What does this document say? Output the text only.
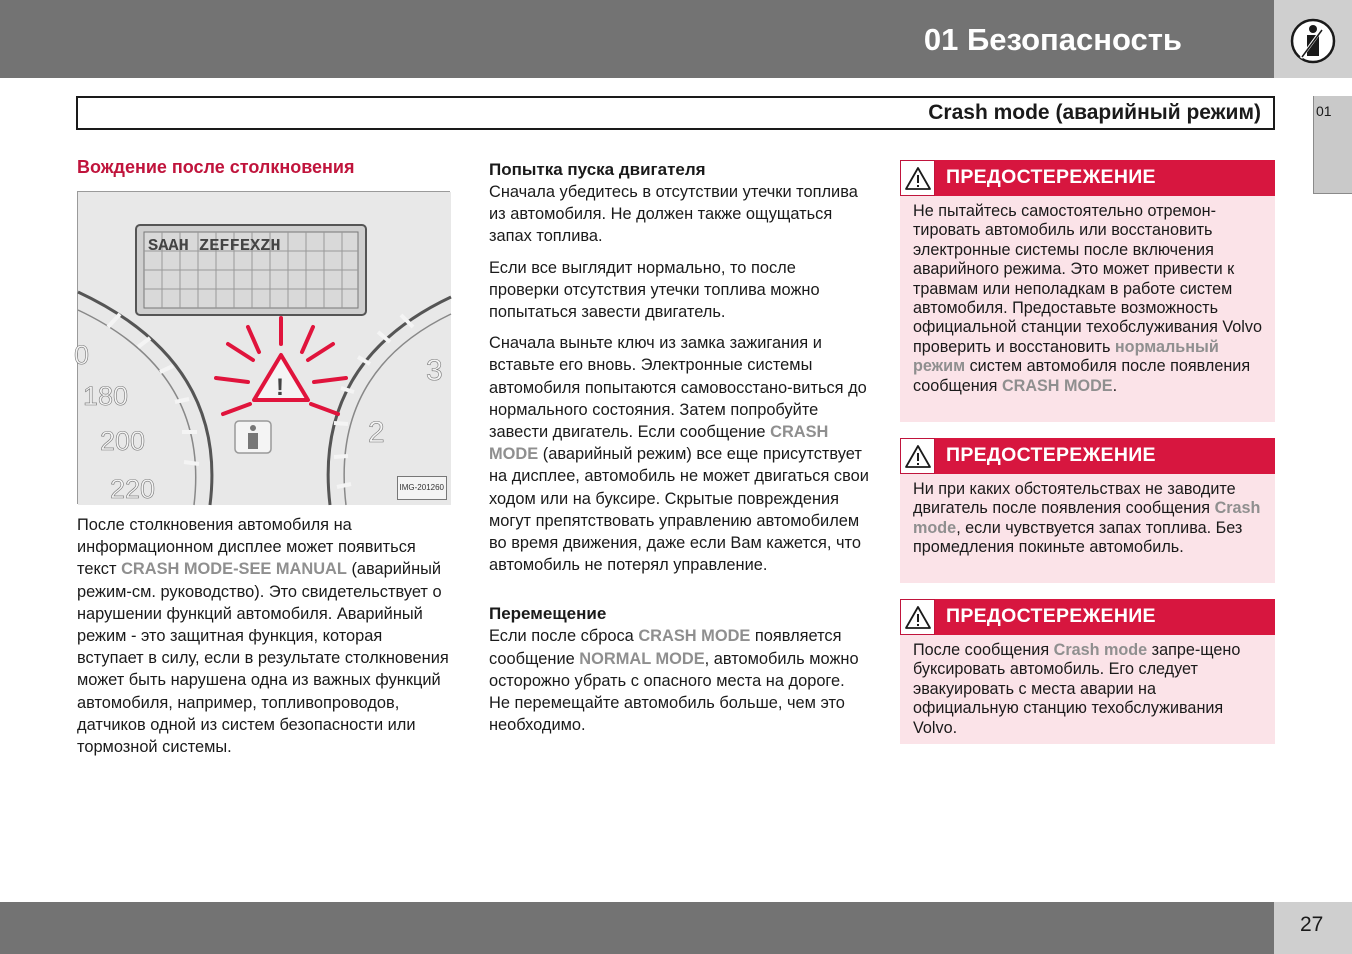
01 Безопасность
Crash mode (аварийный режим)	01
Вождение после столкновения
SAAH ZEFFEXZH
0
180
200
220
3
2
!
IMG-201260

После столкновения автомобиля на информационном дисплее может появиться текст CRASH MODE-SEE MANUAL (аварийный режим-см. руководство). Это свидетельствует о нарушении функций автомобиля. Аварийный режим - это защитная функция, которая вступает в силу, если в результате столкновения может быть нарушена одна из важных функций автомобиля, например, топливопроводов, датчиков одной из систем безопасности или тормозной системы.

Попытка пуска двигателя

Сначала убедитесь в отсутствии утечки топлива из автомобиля. Не должен также ощущаться запах топлива.

Если все выглядит нормально, то после проверки отсутствия утечки топлива можно попытаться завести двигатель.

Сначала выньте ключ из замка зажигания и вставьте его вновь. Электронные системы автомобиля попытаются самовосстано-виться до нормального состояния. Затем попробуйте завести двигатель. Если сообщение CRASH MODE (аварийный режим) все еще присутствует на дисплее, автомобиль не может двигаться свои ходом или на буксире. Скрытые повреждения могут препятствовать управлению автомобилем во время движения, даже если Вам кажется, что автомобиль не потерял управление.

Перемещение

Если после сброса CRASH MODE появляется сообщение NORMAL MODE, автомобиль можно осторожно убрать с опасного места на дороге. Не перемещайте автомобиль больше, чем это необходимо.

ПРЕДОСТЕРЕЖЕНИЕ
Не пытайтесь самостоятельно отремон-тировать автомобиль или восстановить электронные системы после включения аварийного режима. Это может привести к травмам или неполадкам в работе систем автомобиля. Предоставьте возможность официальной станции техобслуживания Volvo проверить и восстановить нормальный режим систем автомобиля после появления сообщения CRASH MODE.
ПРЕДОСТЕРЕЖЕНИЕ
Ни при каких обстоятельствах не заводите двигатель после появления сообщения Crash mode, если чувствуется запах топлива. Без промедления покиньте автомобиль.
ПРЕДОСТЕРЕЖЕНИЕ
После сообщения Crash mode запре-щено буксировать автомобиль. Его следует эвакуировать с места аварии на официальную станцию техобслуживания Volvo.
27
